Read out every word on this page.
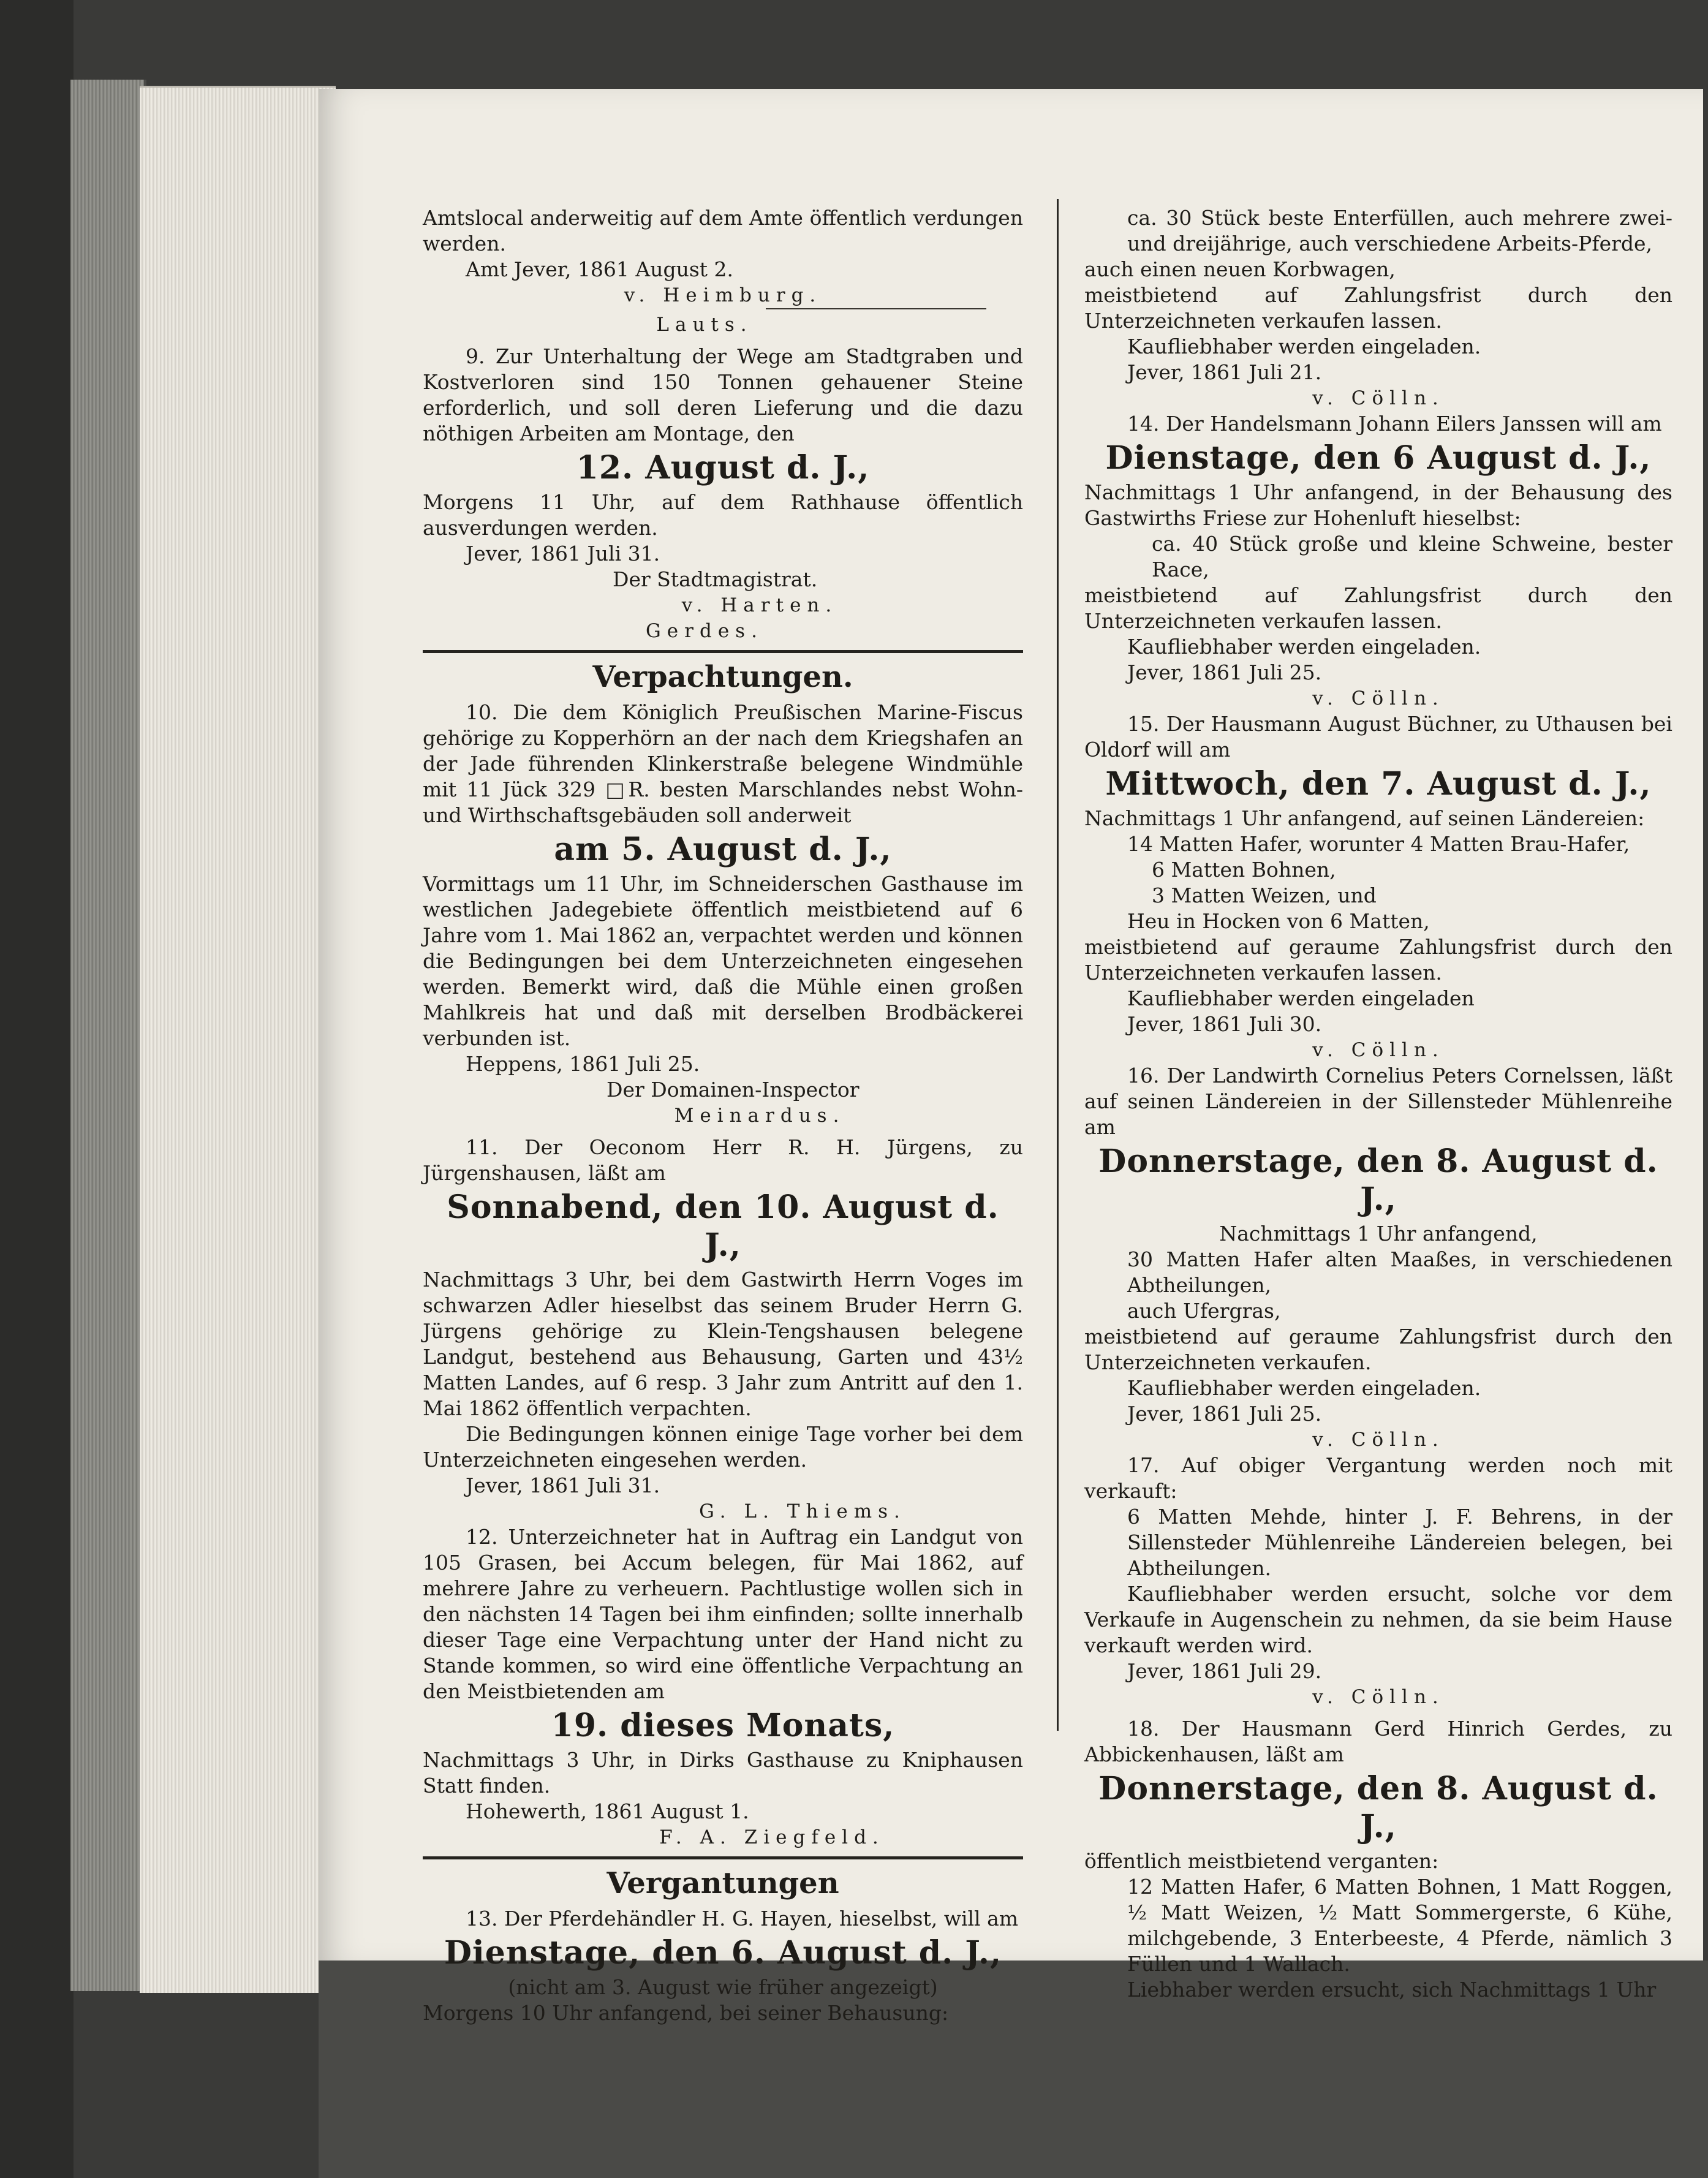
Amtslocal anderweitig auf dem Amte öffentlich verdungen werden.

Amt Jever, 1861 August 2.

v. Heimburg.

Lauts.

9. Zur Unterhaltung der Wege am Stadtgraben und Kostverloren sind 150 Tonnen gehauener Steine erforderlich, und soll deren Lieferung und die dazu nöthigen Arbeiten am Montage, den

12. August d. J.,

Morgens 11 Uhr, auf dem Rathhause öffentlich ausverdungen werden.

Jever, 1861 Juli 31.

Der Stadtmagistrat.

v. Harten.

Gerdes.

Verpachtungen.

10. Die dem Königlich Preußischen Marine-Fiscus gehörige zu Kopperhörn an der nach dem Kriegshafen an der Jade führenden Klinkerstraße belegene Windmühle mit 11 Jück 329 □R. besten Marschlandes nebst Wohn- und Wirthschaftsgebäuden soll anderweit

am 5. August d. J.,

Vormittags um 11 Uhr, im Schneiderschen Gasthause im westlichen Jadegebiete öffentlich meistbietend auf 6 Jahre vom 1. Mai 1862 an, verpachtet werden und können die Bedingungen bei dem Unterzeichneten eingesehen werden. Bemerkt wird, daß die Mühle einen großen Mahlkreis hat und daß mit derselben Brodbäckerei verbunden ist.

Heppens, 1861 Juli 25.

Der Domainen-Inspector

Meinardus.

11. Der Oeconom Herr R. H. Jürgens, zu Jürgenshausen, läßt am

Sonnabend, den 10. August d. J.,

Nachmittags 3 Uhr, bei dem Gastwirth Herrn Voges im schwarzen Adler hieselbst das seinem Bruder Herrn G. Jürgens gehörige zu Klein-Tengshausen belegene Landgut, bestehend aus Behausung, Garten und 43½ Matten Landes, auf 6 resp. 3 Jahr zum Antritt auf den 1. Mai 1862 öffentlich verpachten.

Die Bedingungen können einige Tage vorher bei dem Unterzeichneten eingesehen werden.

Jever, 1861 Juli 31.

G. L. Thiems.

12. Unterzeichneter hat in Auftrag ein Landgut von 105 Grasen, bei Accum belegen, für Mai 1862, auf mehrere Jahre zu verheuern. Pachtlustige wollen sich in den nächsten 14 Tagen bei ihm einfinden; sollte innerhalb dieser Tage eine Verpachtung unter der Hand nicht zu Stande kommen, so wird eine öffentliche Verpachtung an den Meistbietenden am

19. dieses Monats,

Nachmittags 3 Uhr, in Dirks Gasthause zu Kniphausen Statt finden.

Hohewerth, 1861 August 1.

F. A. Ziegfeld.

Vergantungen

13. Der Pferdehändler H. G. Hayen, hieselbst, will am

Dienstage, den 6. August d. J.,

(nicht am 3. August wie früher angezeigt)

Morgens 10 Uhr anfangend, bei seiner Behausung:

ca. 30 Stück beste Enterfüllen, auch mehrere zwei- und dreijährige, auch verschiedene Arbeits-Pferde,

auch einen neuen Korbwagen,

meistbietend auf Zahlungsfrist durch den Unterzeichneten verkaufen lassen.

Kaufliebhaber werden eingeladen.

Jever, 1861 Juli 21.

v. Cölln.

14. Der Handelsmann Johann Eilers Janssen will am

Dienstage, den 6 August d. J.,

Nachmittags 1 Uhr anfangend, in der Behausung des Gastwirths Friese zur Hohenluft hieselbst:

ca. 40 Stück große und kleine Schweine, bester Race,

meistbietend auf Zahlungsfrist durch den Unterzeichneten verkaufen lassen.

Kaufliebhaber werden eingeladen.

Jever, 1861 Juli 25.

v. Cölln.

15. Der Hausmann August Büchner, zu Uthausen bei Oldorf will am

Mittwoch, den 7. August d. J.,

Nachmittags 1 Uhr anfangend, auf seinen Ländereien:

14 Matten Hafer, worunter 4 Matten Brau-Hafer,

6 Matten Bohnen,

3 Matten Weizen, und

Heu in Hocken von 6 Matten,

meistbietend auf geraume Zahlungsfrist durch den Unterzeichneten verkaufen lassen.

Kaufliebhaber werden eingeladen

Jever, 1861 Juli 30.

v. Cölln.

16. Der Landwirth Cornelius Peters Cornelssen, läßt auf seinen Ländereien in der Sillensteder Mühlenreihe am

Donnerstage, den 8. August d. J.,

Nachmittags 1 Uhr anfangend,

30 Matten Hafer alten Maaßes, in verschiedenen Abtheilungen,

auch Ufergras,

meistbietend auf geraume Zahlungsfrist durch den Unterzeichneten verkaufen.

Kaufliebhaber werden eingeladen.

Jever, 1861 Juli 25.

v. Cölln.

17. Auf obiger Vergantung werden noch mit verkauft:

6 Matten Mehde, hinter J. F. Behrens, in der Sillensteder Mühlenreihe Ländereien belegen, bei Abtheilungen.

Kaufliebhaber werden ersucht, solche vor dem Verkaufe in Augenschein zu nehmen, da sie beim Hause verkauft werden wird.

Jever, 1861 Juli 29.

v. Cölln.

18. Der Hausmann Gerd Hinrich Gerdes, zu Abbickenhausen, läßt am

Donnerstage, den 8. August d. J.,

öffentlich meistbietend verganten:

12 Matten Hafer, 6 Matten Bohnen, 1 Matt Roggen, ½ Matt Weizen, ½ Matt Sommergerste, 6 Kühe, milchgebende, 3 Enterbeeste, 4 Pferde, nämlich 3 Füllen und 1 Wallach.

Liebhaber werden ersucht, sich Nachmittags 1 Uhr
